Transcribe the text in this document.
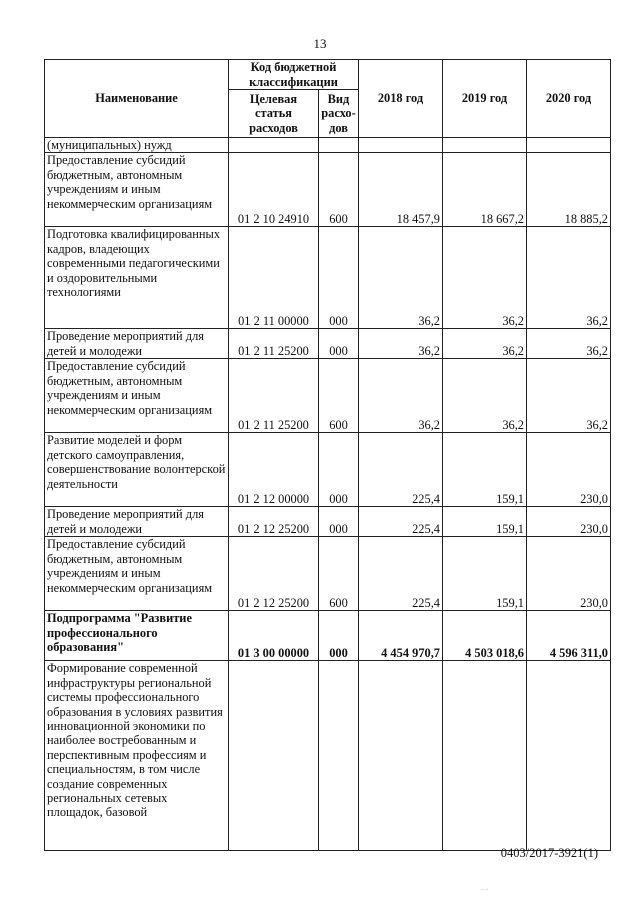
13
Наименование	Код бюджетной классификации		2018 год	2019 год	2020 год
	Целевая статья расходов	Вид расхо-дов			
(муниципальных) нужд					
Предоставление субсидий бюджетным, автономным учреждениям и иным некоммерческим организациям	01 2 10 24910	600	18 457,9	18 667,2	18 885,2
Подготовка квалифицированных кадров, владеющих современными педагогическими и оздоровительными технологиями	01 2 11 00000	000	36,2	36,2	36,2
Проведение мероприятий для детей и молодежи	01 2 11 25200	000	36,2	36,2	36,2
Предоставление субсидий бюджетным, автономным учреждениям и иным некоммерческим организациям	01 2 11 25200	600	36,2	36,2	36,2
Развитие моделей и форм детского самоуправления, совершенствование волонтерской деятельности	01 2 12 00000	000	225,4	159,1	230,0
Проведение мероприятий для детей и молодежи	01 2 12 25200	000	225,4	159,1	230,0
Предоставление субсидий бюджетным, автономным учреждениям и иным некоммерческим организациям	01 2 12 25200	600	225,4	159,1	230,0
Подпрограмма "Развитие профессионального образования"	01 3 00 00000	000	4 454 970,7	4 503 018,6	4 596 311,0
Формирование современной инфраструктуры региональной системы профессионального образования в условиях развития инновационной экономики по наиболее востребованным и перспективным профессиям и специальностям, в том числе создание современных региональных сетевых площадок, базовой					
0403/2017-3921(1)
…
